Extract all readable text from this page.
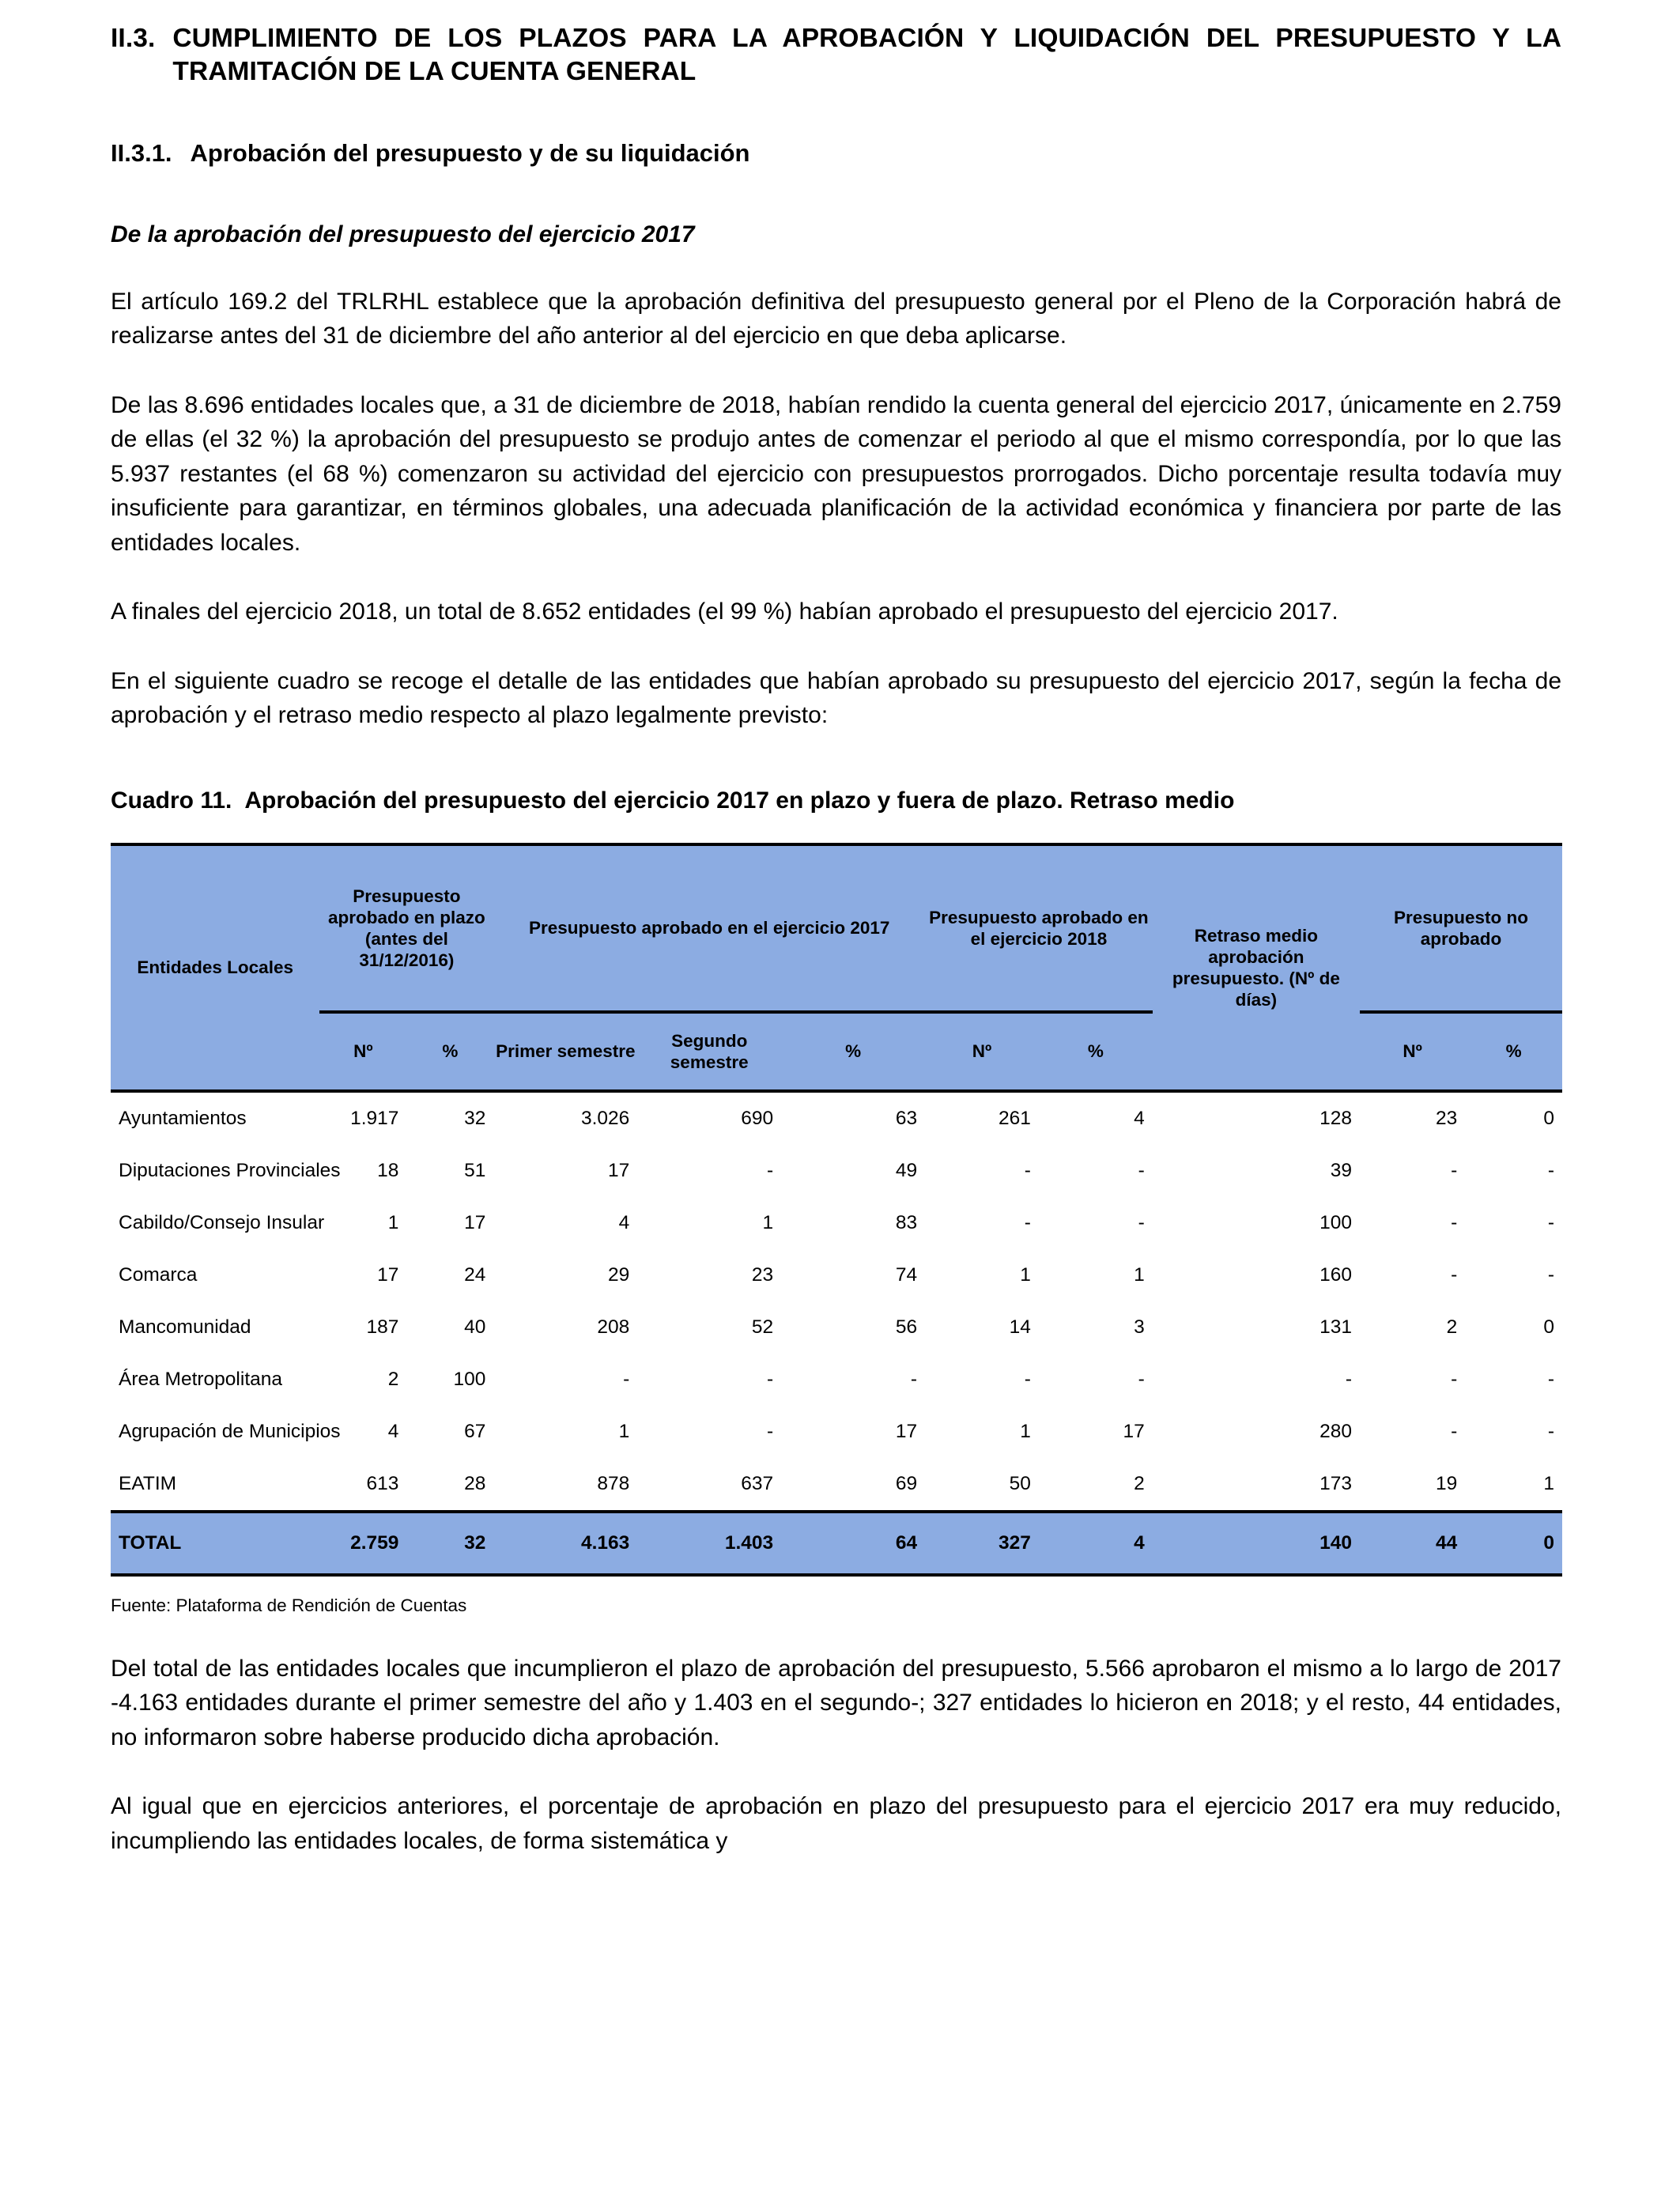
II.3. CUMPLIMIENTO DE LOS PLAZOS PARA LA APROBACIÓN Y LIQUIDACIÓN DEL PRESUPUESTO Y LA TRAMITACIÓN DE LA CUENTA GENERAL
II.3.1. Aprobación del presupuesto y de su liquidación
De la aprobación del presupuesto del ejercicio 2017

El artículo 169.2 del TRLRHL establece que la aprobación definitiva del presupuesto general por el Pleno de la Corporación habrá de realizarse antes del 31 de diciembre del año anterior al del ejercicio en que deba aplicarse.

De las 8.696 entidades locales que, a 31 de diciembre de 2018, habían rendido la cuenta general del ejercicio 2017, únicamente en 2.759 de ellas (el 32 %) la aprobación del presupuesto se produjo antes de comenzar el periodo al que el mismo correspondía, por lo que las 5.937 restantes (el 68 %) comenzaron su actividad del ejercicio con presupuestos prorrogados. Dicho porcentaje resulta todavía muy insuficiente para garantizar, en términos globales, una adecuada planificación de la actividad económica y financiera por parte de las entidades locales.

A finales del ejercicio 2018, un total de 8.652 entidades (el 99 %) habían aprobado el presupuesto del ejercicio 2017.

En el siguiente cuadro se recoge el detalle de las entidades que habían aprobado su presupuesto del ejercicio 2017, según la fecha de aprobación y el retraso medio respecto al plazo legalmente previsto:

Cuadro 11. Aprobación del presupuesto del ejercicio 2017 en plazo y fuera de plazo. Retraso medio

Entidades Locales	Presupuesto aprobado en plazo (antes del 31/12/2016)		Presupuesto aprobado en el ejercicio 2017			Presupuesto aprobado en el ejercicio 2018		Retraso medio aprobación presupuesto. (Nº de días)	Presupuesto no aprobado	
	Nº	%	Primer semestre	Segundo semestre	%	Nº	%		Nº	%
Ayuntamientos	1.917	32	3.026	690	63	261	4	128	23	0
Diputaciones Provinciales	18	51	17	-	49	-	-	39	-	-
Cabildo/Consejo Insular	1	17	4	1	83	-	-	100	-	-
Comarca	17	24	29	23	74	1	1	160	-	-
Mancomunidad	187	40	208	52	56	14	3	131	2	0
Área Metropolitana	2	100	-	-	-	-	-	-	-	-
Agrupación de Municipios	4	67	1	-	17	1	17	280	-	-
EATIM	613	28	878	637	69	50	2	173	19	1
TOTAL	2.759	32	4.163	1.403	64	327	4	140	44	0
Fuente: Plataforma de Rendición de Cuentas

Del total de las entidades locales que incumplieron el plazo de aprobación del presupuesto, 5.566 aprobaron el mismo a lo largo de 2017 -4.163 entidades durante el primer semestre del año y 1.403 en el segundo-; 327 entidades lo hicieron en 2018; y el resto, 44 entidades, no informaron sobre haberse producido dicha aprobación.

Al igual que en ejercicios anteriores, el porcentaje de aprobación en plazo del presupuesto para el ejercicio 2017 era muy reducido, incumpliendo las entidades locales, de forma sistemática y
